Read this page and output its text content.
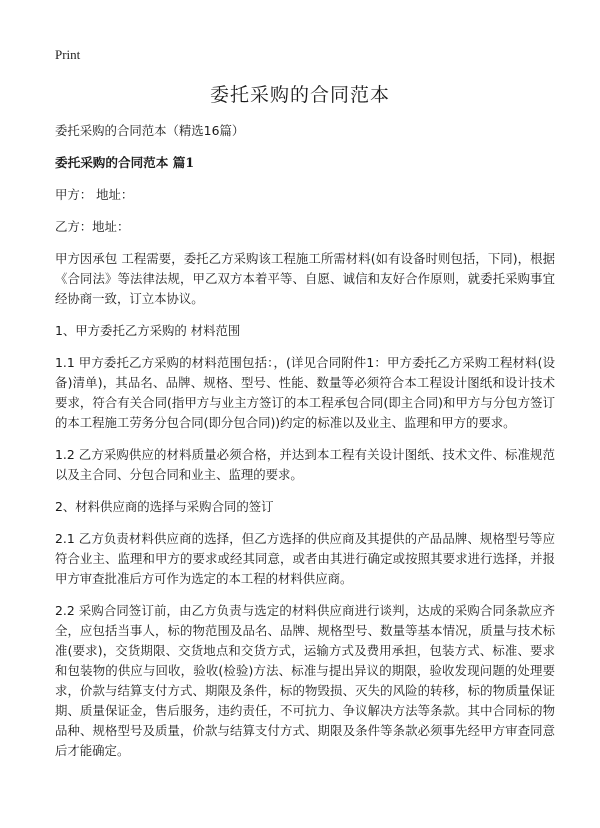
Print
委托采购的合同范本

委托采购的合同范本（精选16篇）

委托采购的合同范本 篇1

甲方： 地址：

乙方：地址：

甲方因承包 工程需要，委托乙方采购该工程施工所需材料(如有设备时则包括，下同)，根据《合同法》等法律法规，甲乙双方本着平等、自愿、诚信和友好合作原则，就委托采购事宜经协商一致，订立本协议。

1、甲方委托乙方采购的 材料范围

1.1 甲方委托乙方采购的材料范围包括：，(详见合同附件1：甲方委托乙方采购工程材料(设备)清单)，其品名、品牌、规格、型号、性能、数量等必须符合本工程设计图纸和设计技术要求，符合有关合同(指甲方与业主方签订的本工程承包合同(即主合同)和甲方与分包方签订的本工程施工劳务分包合同(即分包合同))约定的标准以及业主、监理和甲方的要求。

1.2 乙方采购供应的材料质量必须合格，并达到本工程有关设计图纸、技术文件、标准规范以及主合同、分包合同和业主、监理的要求。

2、材料供应商的选择与采购合同的签订

2.1 乙方负责材料供应商的选择，但乙方选择的供应商及其提供的产品品牌、规格型号等应符合业主、监理和甲方的要求或经其同意，或者由其进行确定或按照其要求进行选择，并报甲方审查批准后方可作为选定的本工程的材料供应商。

2.2 采购合同签订前，由乙方负责与选定的材料供应商进行谈判，达成的采购合同条款应齐全，应包括当事人，标的物范围及品名、品牌、规格型号、数量等基本情况，质量与技术标准(要求)，交货期限、交货地点和交货方式，运输方式及费用承担，包装方式、标准、要求和包装物的供应与回收，验收(检验)方法、标准与提出异议的期限，验收发现问题的处理要求，价款与结算支付方式、期限及条件，标的物毁损、灭失的风险的转移，标的物质量保证期、质量保证金，售后服务，违约责任，不可抗力、争议解决方法等条款。其中合同标的物品种、规格型号及质量，价款与结算支付方式、期限及条件等条款必须事先经甲方审查同意后才能确定。
